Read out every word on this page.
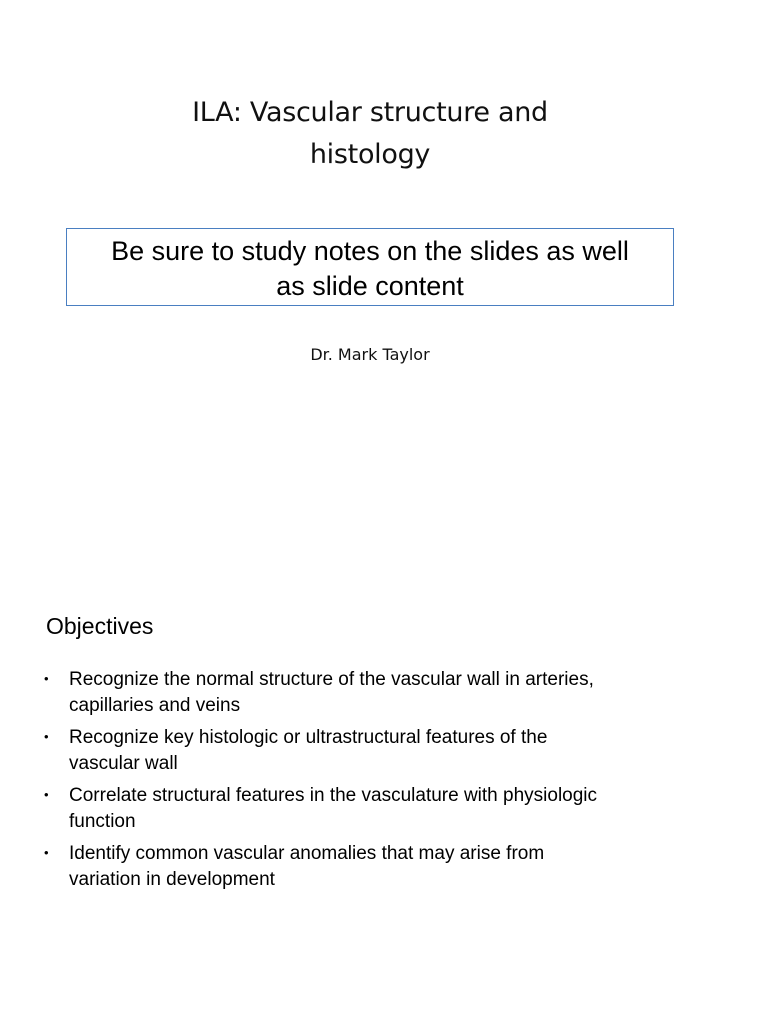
ILA: Vascular structure and
histology
Be sure to study notes on the slides as well
as slide content
Dr. Mark Taylor
Objectives
• Recognize the normal structure of the vascular wall in arteries,
capillaries and veins
• Recognize key histologic or ultrastructural features of the
vascular wall
• Correlate structural features in the vasculature with physiologic
function
• Identify common vascular anomalies that may arise from
variation in development
